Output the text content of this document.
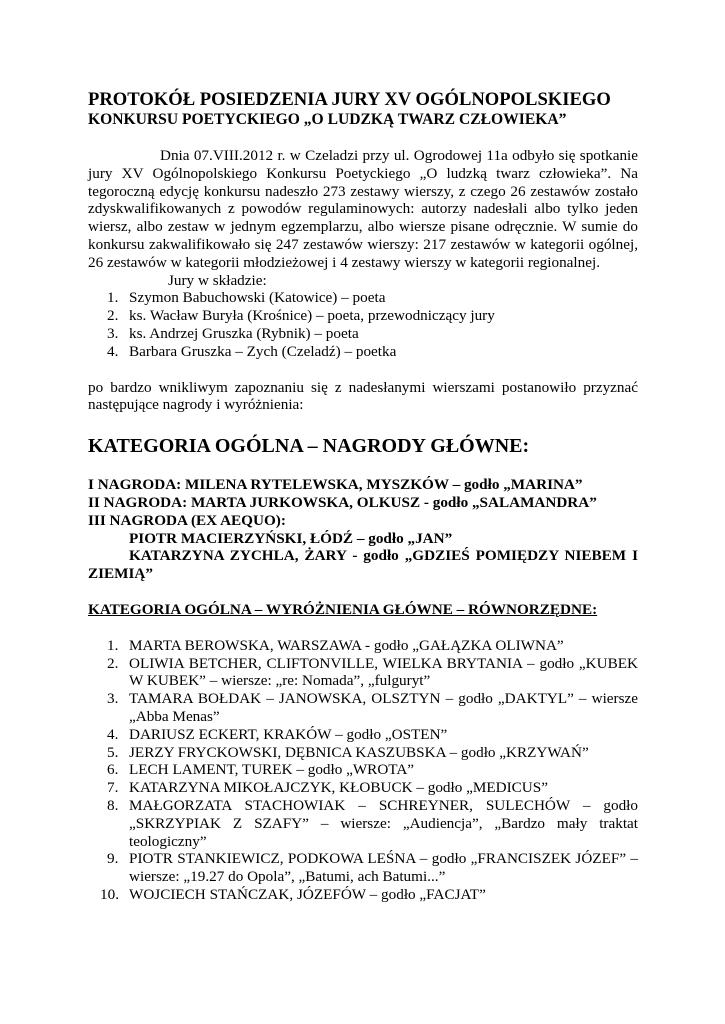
PROTOKÓŁ POSIEDZENIA JURY XV OGÓLNOPOLSKIEGO
KONKURSU POETYCKIEGO „O LUDZKĄ TWARZ CZŁOWIEKA”

Dnia 07.VIII.2012 r. w Czeladzi przy ul. Ogrodowej 11a odbyło się spotkanie jury XV Ogólnopolskiego Konkursu Poetyckiego „O ludzką twarz człowieka”. Na tegoroczną edycję konkursu nadeszło 273 zestawy wierszy, z czego 26 zestawów zostało zdyskwalifikowanych z powodów regulaminowych: autorzy nadesłali albo tylko jeden wiersz, albo zestaw w jednym egzemplarzu, albo wiersze pisane odręcznie. W sumie do konkursu zakwalifikowało się 247 zestawów wierszy: 217 zestawów w kategorii ogólnej, 26 zestawów w kategorii młodzieżowej i 4 zestawy wierszy w kategorii regionalnej.

Jury w składzie:

1. Szymon Babuchowski (Katowice) – poeta
2. ks. Wacław Buryła (Krośnice) – poeta, przewodniczący jury
3. ks. Andrzej Gruszka (Rybnik) – poeta
4. Barbara Gruszka – Zych (Czeladź) – poetka

po bardzo wnikliwym zapoznaniu się z nadesłanymi wierszami postanowiło przyznać następujące nagrody i wyróżnienia:

KATEGORIA OGÓLNA – NAGRODY GŁÓWNE:

I NAGRODA: MILENA RYTELEWSKA, MYSZKÓW – godło „MARINA”

II NAGRODA: MARTA JURKOWSKA, OLKUSZ - godło „SALAMANDRA”

III NAGRODA (EX AEQUO):

PIOTR MACIERZYŃSKI, ŁÓDŹ – godło „JAN”

KATARZYNA ZYCHLA, ŻARY - godło „GDZIEŚ POMIĘDZY NIEBEM I ZIEMIĄ”

KATEGORIA OGÓLNA – WYRÓŻNIENIA GŁÓWNE – RÓWNORZĘDNE:

1. MARTA BEROWSKA, WARSZAWA - godło „GAŁĄZKA OLIWNA”
2. OLIWIA BETCHER, CLIFTONVILLE, WIELKA BRYTANIA – godło „KUBEK W KUBEK” – wiersze: „re: Nomada”, „fulguryt”
3. TAMARA BOŁDAK – JANOWSKA, OLSZTYN – godło „DAKTYL” – wiersze „Abba Menas”
4. DARIUSZ ECKERT, KRAKÓW – godło „OSTEN”
5. JERZY FRYCKOWSKI, DĘBNICA KASZUBSKA – godło „KRZYWAŃ”
6. LECH LAMENT, TUREK – godło „WROTA”
7. KATARZYNA MIKOŁAJCZYK, KŁOBUCK – godło „MEDICUS”
8. MAŁGORZATA STACHOWIAK – SCHREYNER, SULECHÓW – godło „SKRZYPIAK Z SZAFY” – wiersze: „Audiencja”, „Bardzo mały traktat teologiczny”
9. PIOTR STANKIEWICZ, PODKOWA LEŚNA – godło „FRANCISZEK JÓZEF” – wiersze: „19.27 do Opola”, „Batumi, ach Batumi...”
10. WOJCIECH STAŃCZAK, JÓZEFÓW – godło „FACJAT”
